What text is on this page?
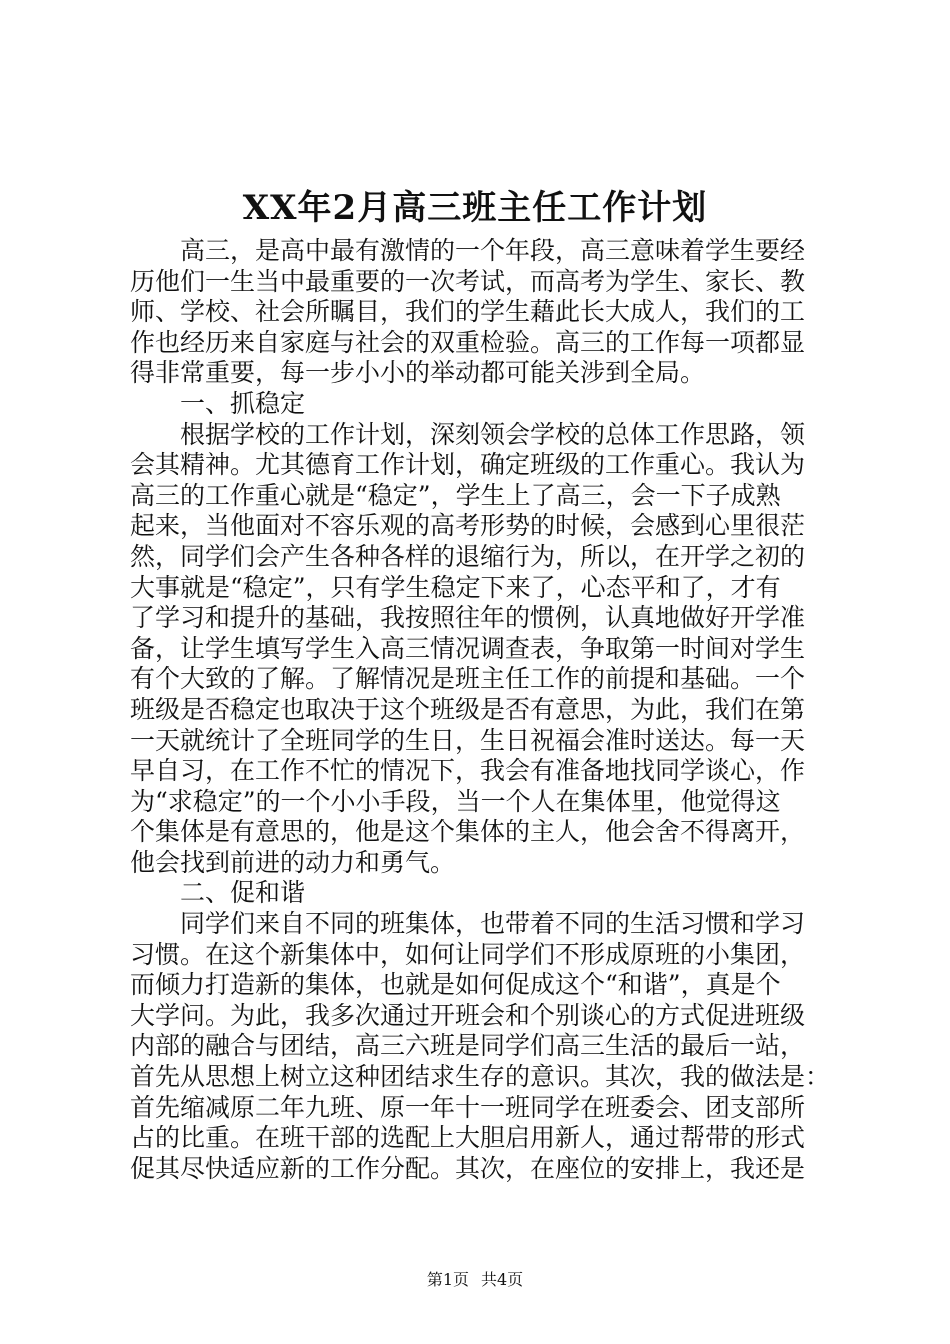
XX年2月高三班主任工作计划
高三，是高中最有激情的一个年段，高三意味着学生要经
历他们一生当中最重要的一次考试，而高考为学生、家长、教
师、学校、社会所瞩目，我们的学生藉此长大成人，我们的工
作也经历来自家庭与社会的双重检验。高三的工作每一项都显
得非常重要，每一步小小的举动都可能关涉到全局。
一、抓稳定
根据学校的工作计划，深刻领会学校的总体工作思路，领
会其精神。尤其德育工作计划，确定班级的工作重心。我认为
高三的工作重心就是“稳定”，学生上了高三，会一下子成熟
起来，当他面对不容乐观的高考形势的时候，会感到心里很茫
然，同学们会产生各种各样的退缩行为，所以，在开学之初的
大事就是“稳定”，只有学生稳定下来了，心态平和了，才有
了学习和提升的基础，我按照往年的惯例，认真地做好开学准
备，让学生填写学生入高三情况调查表，争取第一时间对学生
有个大致的了解。了解情况是班主任工作的前提和基础。一个
班级是否稳定也取决于这个班级是否有意思，为此，我们在第
一天就统计了全班同学的生日，生日祝福会准时送达。每一天
早自习，在工作不忙的情况下，我会有准备地找同学谈心，作
为“求稳定”的一个小小手段，当一个人在集体里，他觉得这
个集体是有意思的，他是这个集体的主人，他会舍不得离开，
他会找到前进的动力和勇气。
二、促和谐
同学们来自不同的班集体，也带着不同的生活习惯和学习
习惯。在这个新集体中，如何让同学们不形成原班的小集团，
而倾力打造新的集体，也就是如何促成这个“和谐”，真是个
大学问。为此，我多次通过开班会和个别谈心的方式促进班级
内部的融合与团结，高三六班是同学们高三生活的最后一站，
首先从思想上树立这种团结求生存的意识。其次，我的做法是：
首先缩减原二年九班、原一年十一班同学在班委会、团支部所
占的比重。在班干部的选配上大胆启用新人，通过帮带的形式
促其尽快适应新的工作分配。其次，在座位的安排上，我还是
第1页 共4页
